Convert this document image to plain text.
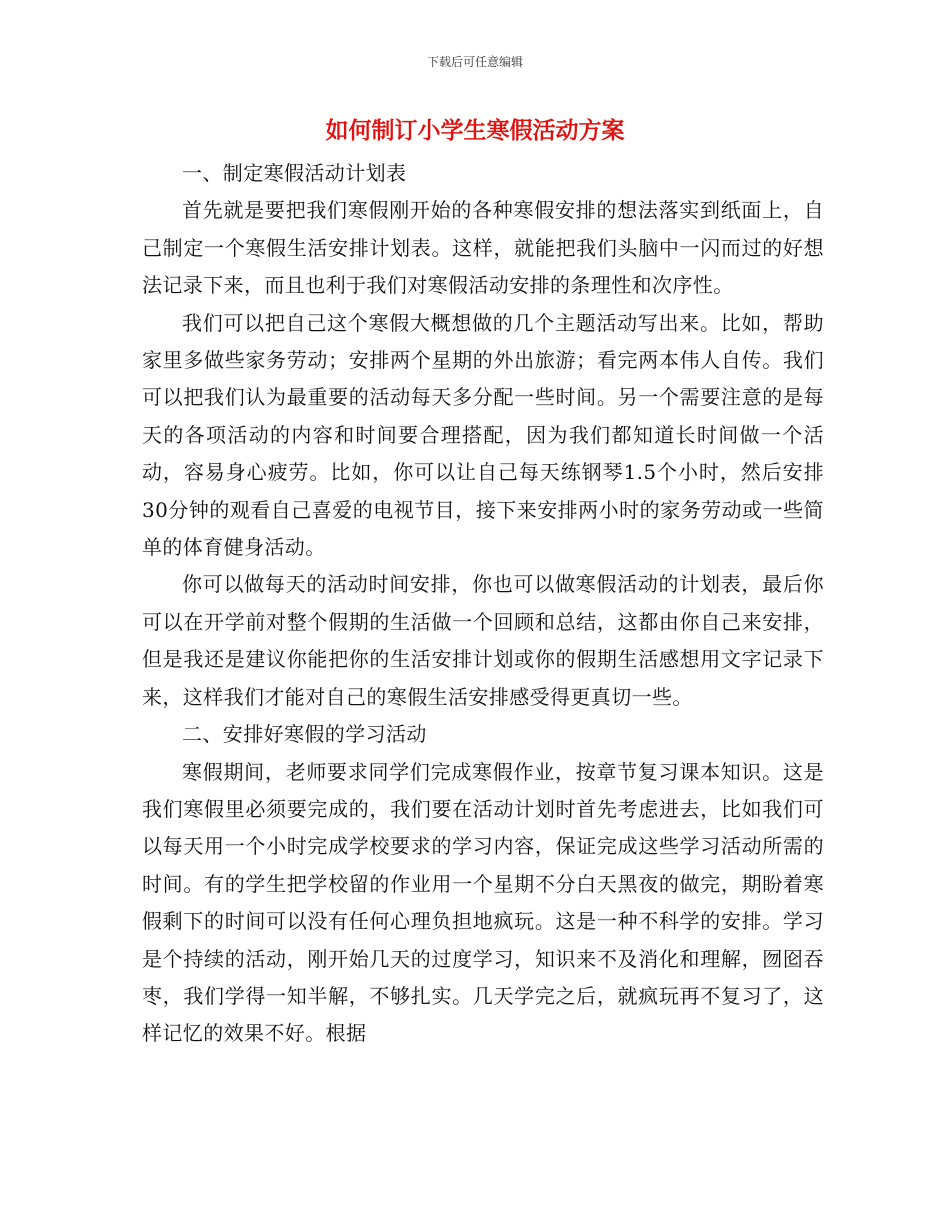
下载后可任意编辑
如何制订小学生寒假活动方案

一、制定寒假活动计划表

首先就是要把我们寒假刚开始的各种寒假安排的想法落实到纸面上，自己制定一个寒假生活安排计划表。这样，就能把我们头脑中一闪而过的好想法记录下来，而且也利于我们对寒假活动安排的条理性和次序性。

我们可以把自己这个寒假大概想做的几个主题活动写出来。比如，帮助家里多做些家务劳动；安排两个星期的外出旅游；看完两本伟人自传。我们可以把我们认为最重要的活动每天多分配一些时间。另一个需要注意的是每天的各项活动的内容和时间要合理搭配，因为我们都知道长时间做一个活动，容易身心疲劳。比如，你可以让自己每天练钢琴1.5个小时，然后安排30分钟的观看自己喜爱的电视节目，接下来安排两小时的家务劳动或一些简单的体育健身活动。

你可以做每天的活动时间安排，你也可以做寒假活动的计划表，最后你可以在开学前对整个假期的生活做一个回顾和总结，这都由你自己来安排，但是我还是建议你能把你的生活安排计划或你的假期生活感想用文字记录下来，这样我们才能对自己的寒假生活安排感受得更真切一些。

二、安排好寒假的学习活动

寒假期间，老师要求同学们完成寒假作业，按章节复习课本知识。这是我们寒假里必须要完成的，我们要在活动计划时首先考虑进去，比如我们可以每天用一个小时完成学校要求的学习内容，保证完成这些学习活动所需的时间。有的学生把学校留的作业用一个星期不分白天黑夜的做完，期盼着寒假剩下的时间可以没有任何心理负担地疯玩。这是一种不科学的安排。学习是个持续的活动，刚开始几天的过度学习，知识来不及消化和理解，囫囵吞枣，我们学得一知半解，不够扎实。几天学完之后，就疯玩再不复习了，这样记忆的效果不好。根据
